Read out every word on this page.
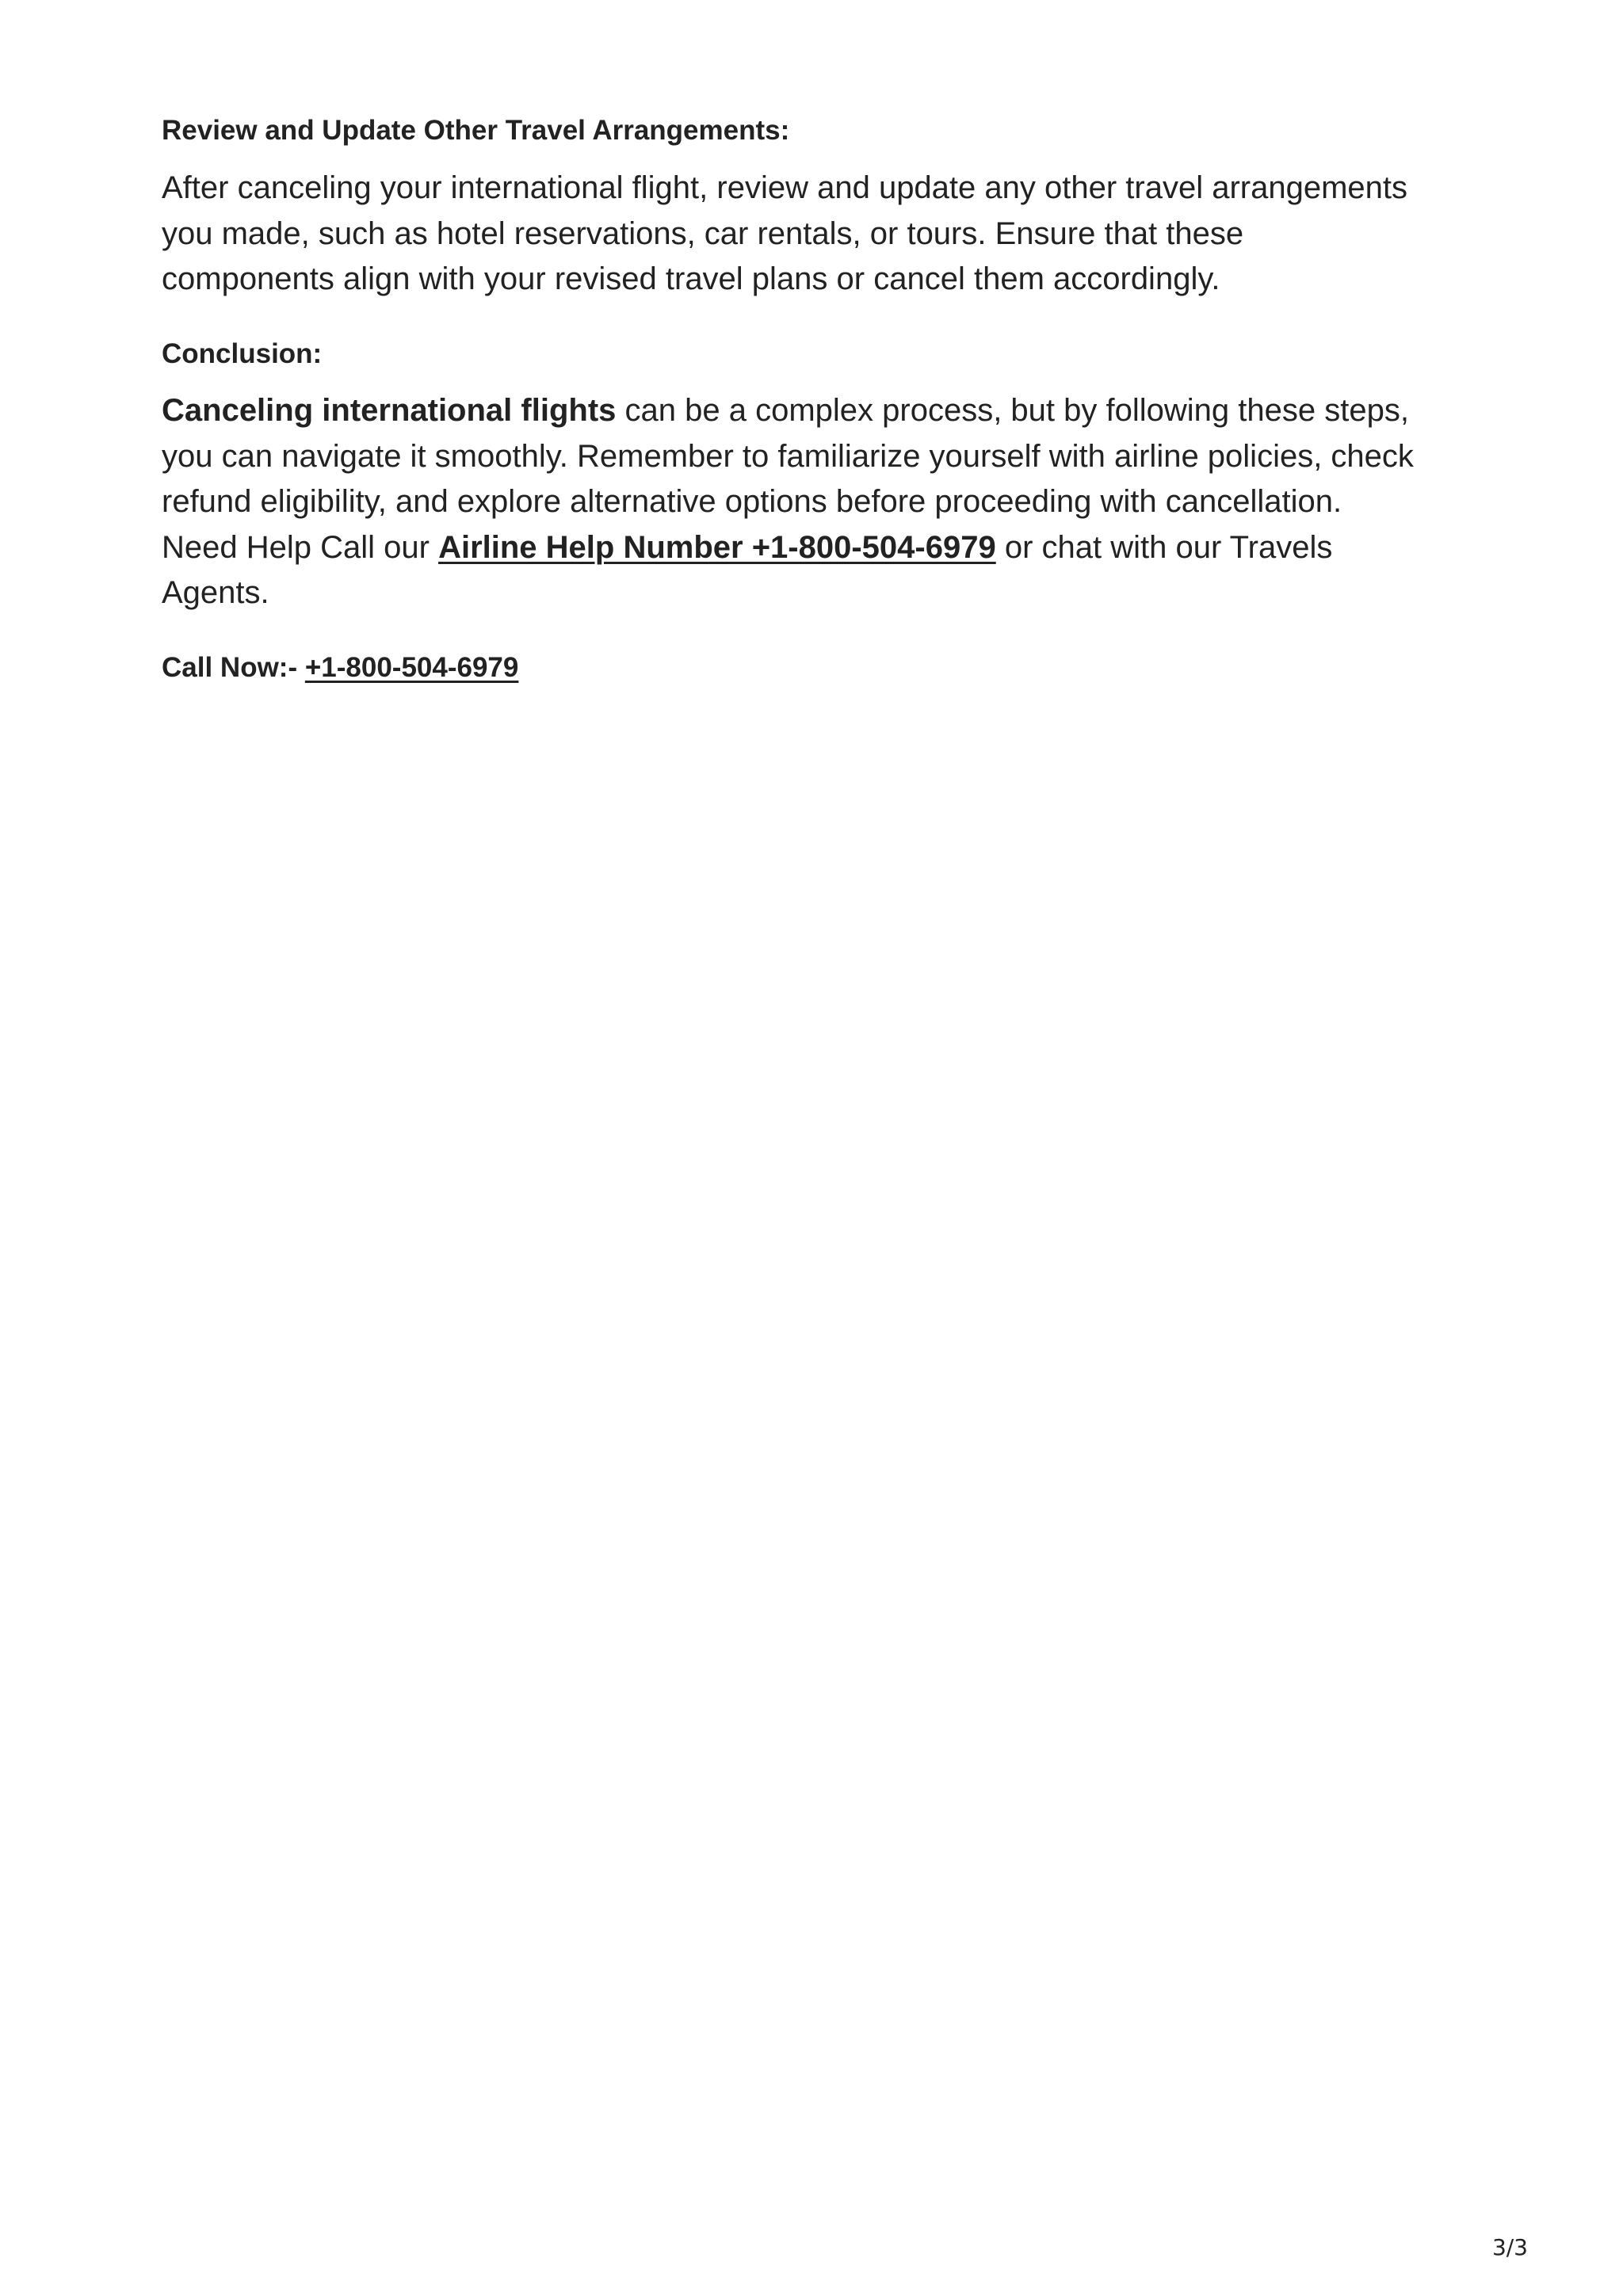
Review and Update Other Travel Arrangements:

After canceling your international flight, review and update any other travel arrangements
you made, such as hotel reservations, car rentals, or tours. Ensure that these
components align with your revised travel plans or cancel them accordingly.

Conclusion:

Canceling international flights can be a complex process, but by following these steps,
you can navigate it smoothly. Remember to familiarize yourself with airline policies, check
refund eligibility, and explore alternative options before proceeding with cancellation.
Need Help Call our Airline Help Number +1-800-504-6979 or chat with our Travels
Agents.

Call Now:- +1-800-504-6979
3/3
